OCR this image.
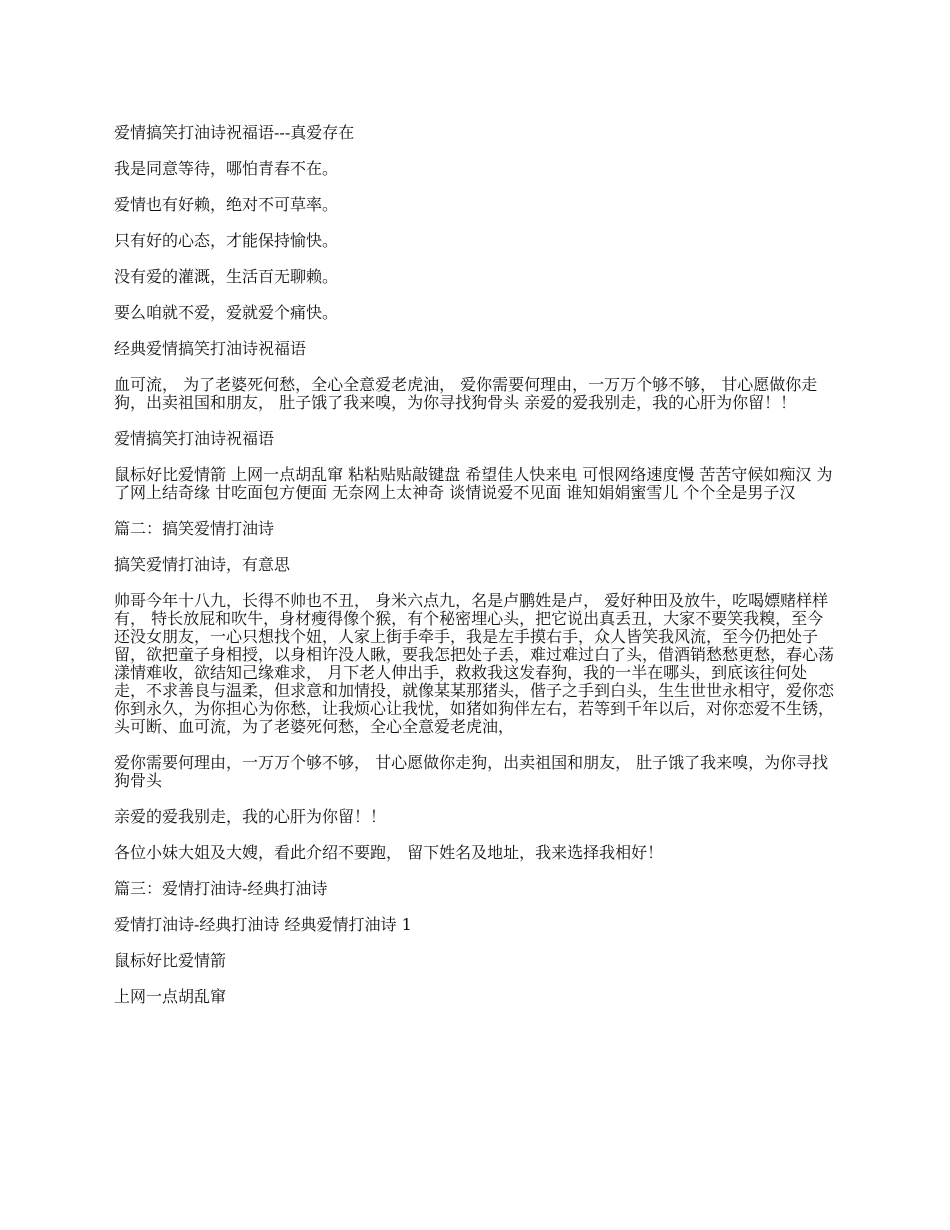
爱情搞笑打油诗祝福语---真爱存在

我是同意等待，哪怕青春不在。

爱情也有好赖，绝对不可草率。

只有好的心态，才能保持愉快。

没有爱的灌溉，生活百无聊赖。

要么咱就不爱，爱就爱个痛快。

经典爱情搞笑打油诗祝福语

血可流， 为了老婆死何愁，全心全意爱老虎油， 爱你需要何理由，一万万个够不够， 甘心愿做你走狗，出卖祖国和朋友， 肚子饿了我来嗅，为你寻找狗骨头 亲爱的爱我别走，我的心肝为你留！！

爱情搞笑打油诗祝福语

鼠标好比爱情箭 上网一点胡乱窜 粘粘贴贴敲键盘 希望佳人快来电 可恨网络速度慢 苦苦守候如痴汉 为了网上结奇缘 甘吃面包方便面 无奈网上太神奇 谈情说爱不见面 谁知娟娟蜜雪儿 个个全是男子汉

篇二：搞笑爱情打油诗

搞笑爱情打油诗，有意思

帅哥今年十八九，长得不帅也不丑， 身米六点九，名是卢鹏姓是卢， 爱好种田及放牛，吃喝嫖赌样样有， 特长放屁和吹牛，身材瘦得像个猴，有个秘密埋心头，把它说出真丢丑，大家不要笑我糗，至今还没女朋友，一心只想找个妞，人家上街手牵手，我是左手摸右手，众人皆笑我风流，至今仍把处子留，欲把童子身相授，以身相许没人瞅，要我怎把处子丢，难过难过白了头，借酒销愁愁更愁，春心荡漾情难收，欲结知己缘难求， 月下老人伸出手，救救我这发春狗，我的一半在哪头，到底该往何处走，不求善良与温柔，但求意和加情投，就像某某那猪头，偕子之手到白头，生生世世永相守，爱你恋你到永久，为你担心为你愁，让我烦心让我忧，如猪如狗伴左右，若等到千年以后，对你恋爱不生锈，头可断、血可流，为了老婆死何愁，全心全意爱老虎油，

爱你需要何理由，一万万个够不够， 甘心愿做你走狗，出卖祖国和朋友， 肚子饿了我来嗅，为你寻找狗骨头

亲爱的爱我别走，我的心肝为你留！！

各位小妹大姐及大嫂，看此介绍不要跑， 留下姓名及地址，我来选择我相好！

篇三：爱情打油诗-经典打油诗

爱情打油诗-经典打油诗 经典爱情打油诗 1

鼠标好比爱情箭

上网一点胡乱窜
